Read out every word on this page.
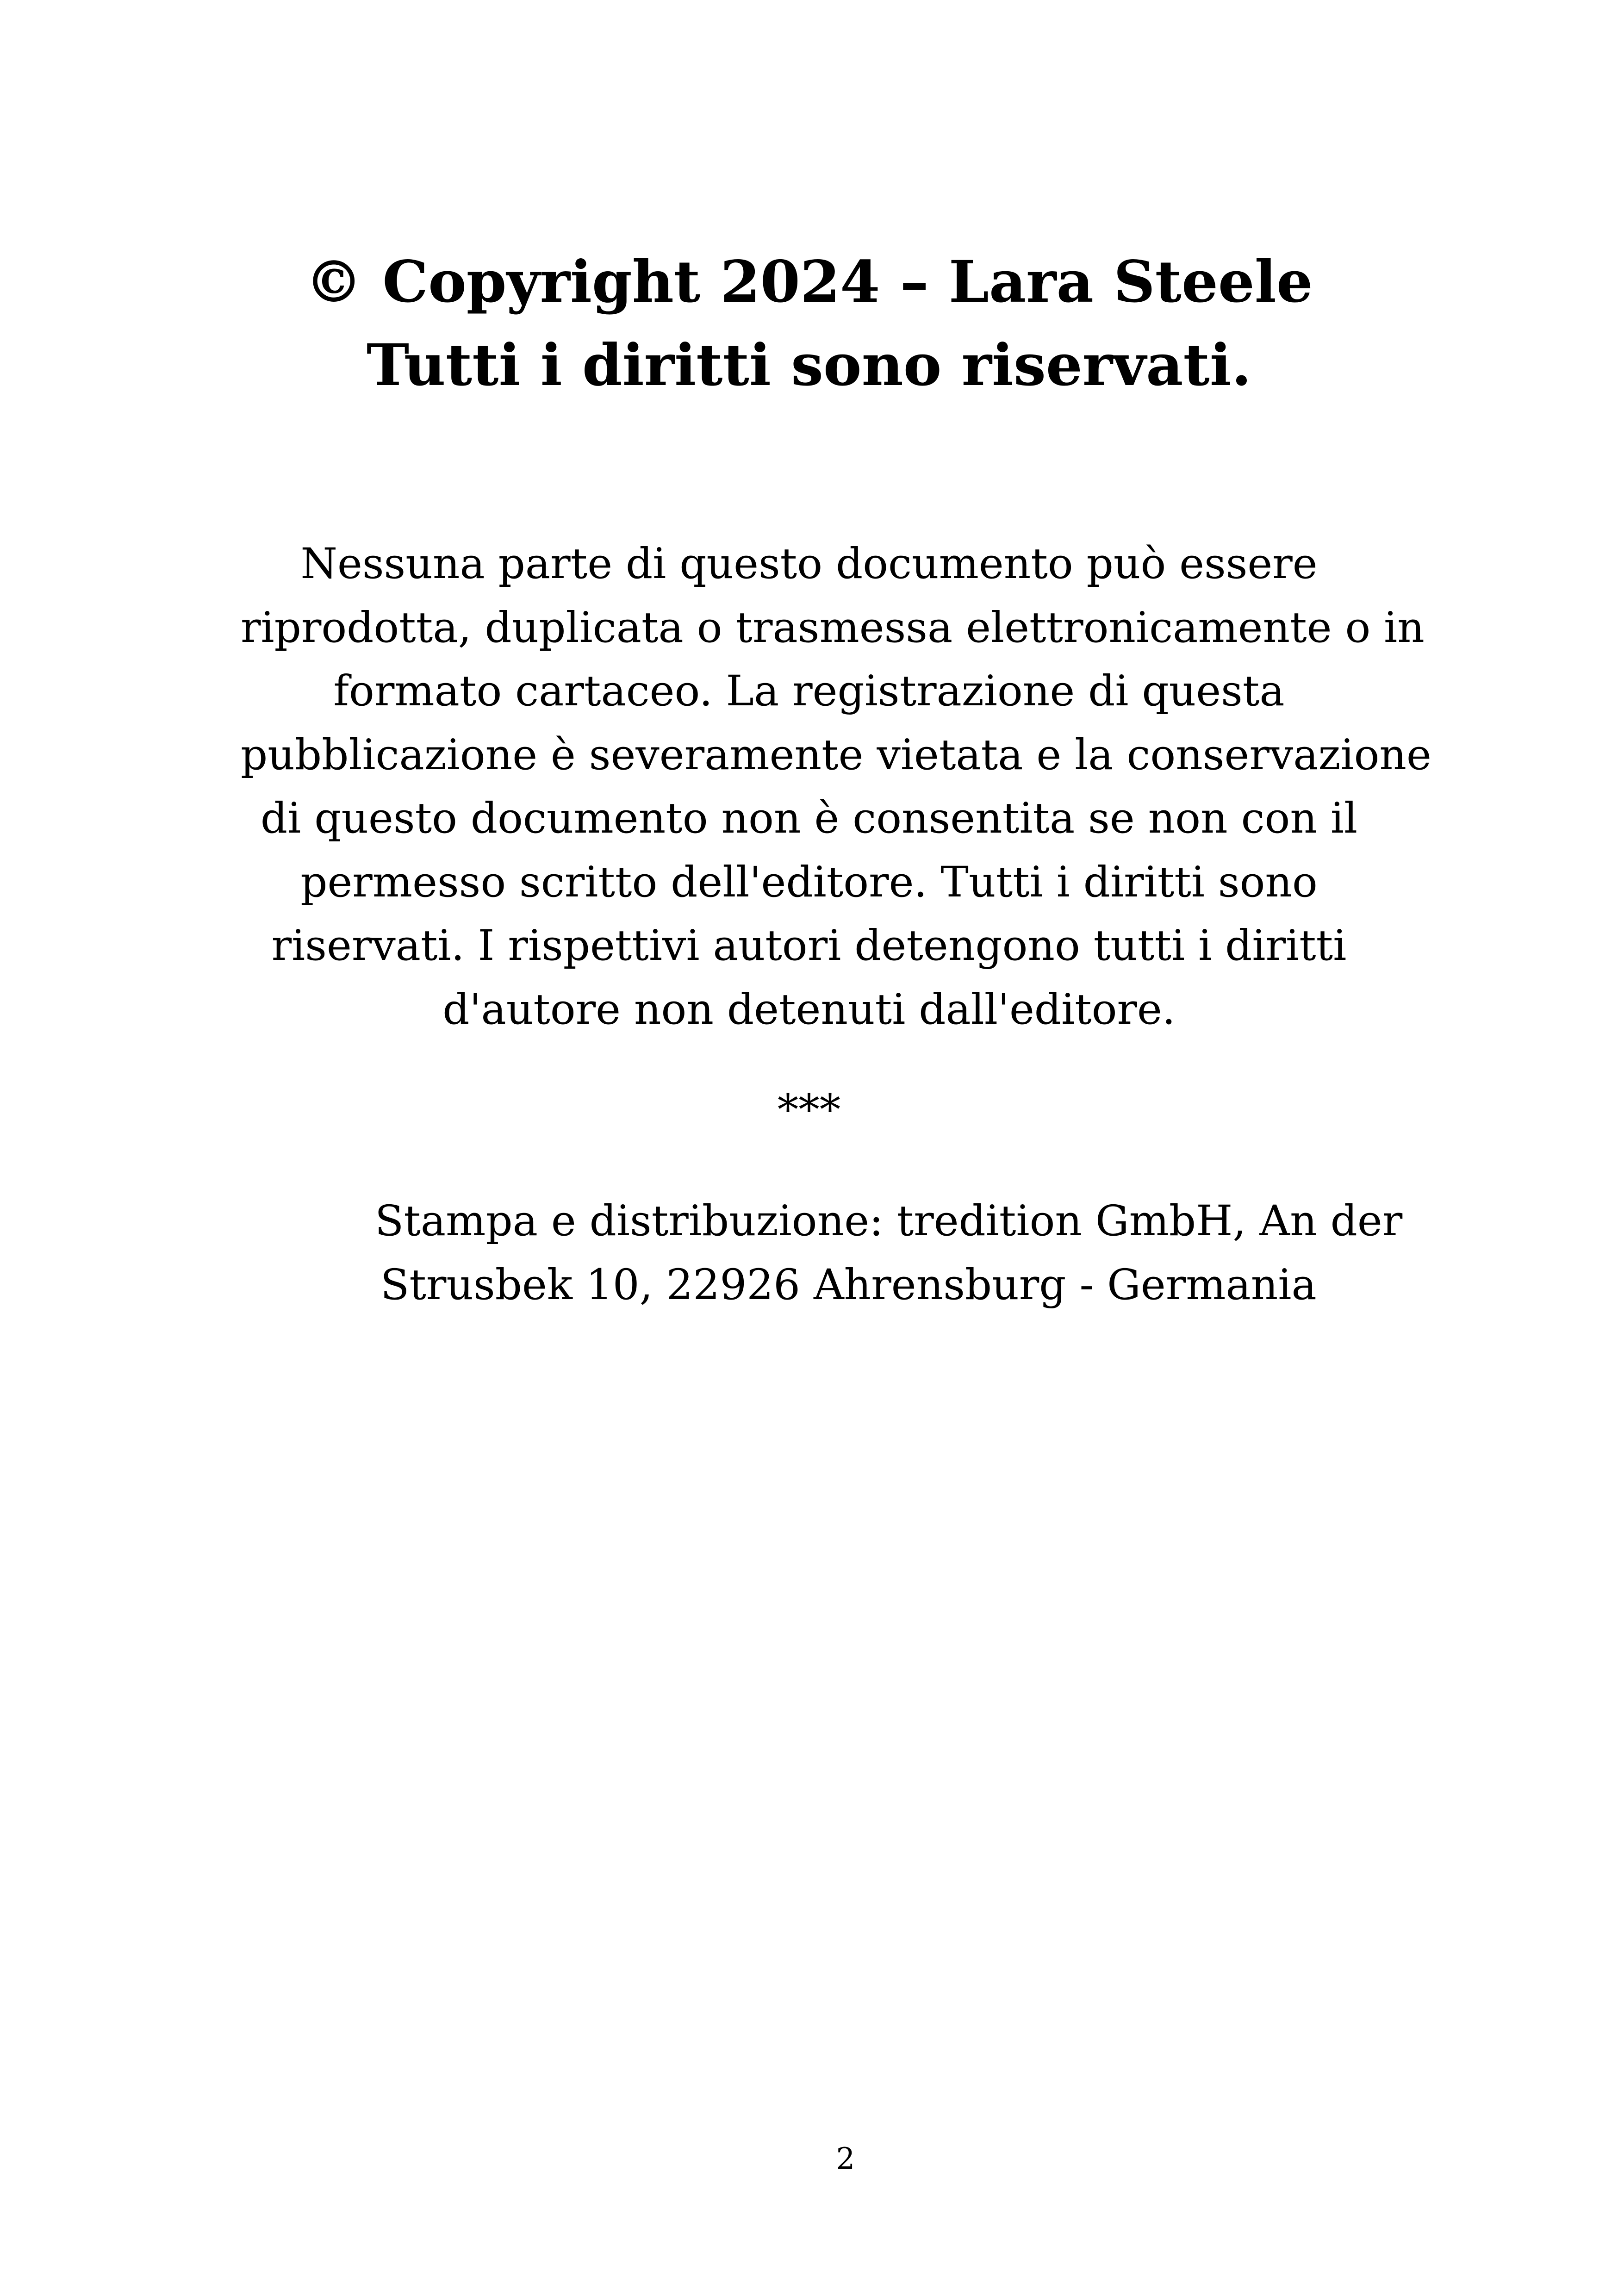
© Copyright 2024 – Lara Steele
Tutti i diritti sono riservati.
Nessuna parte di questo documento può essere
riprodotta, duplicata o trasmessa elettronicamente o in
formato cartaceo. La registrazione di questa
pubblicazione è severamente vietata e la conservazione
di questo documento non è consentita se non con il
permesso scritto dell'editore. Tutti i diritti sono
riservati. I rispettivi autori detengono tutti i diritti
d'autore non detenuti dall'editore.
***
Stampa e distribuzione: tredition GmbH, An der
Strusbek 10, 22926 Ahrensburg - Germania
2
